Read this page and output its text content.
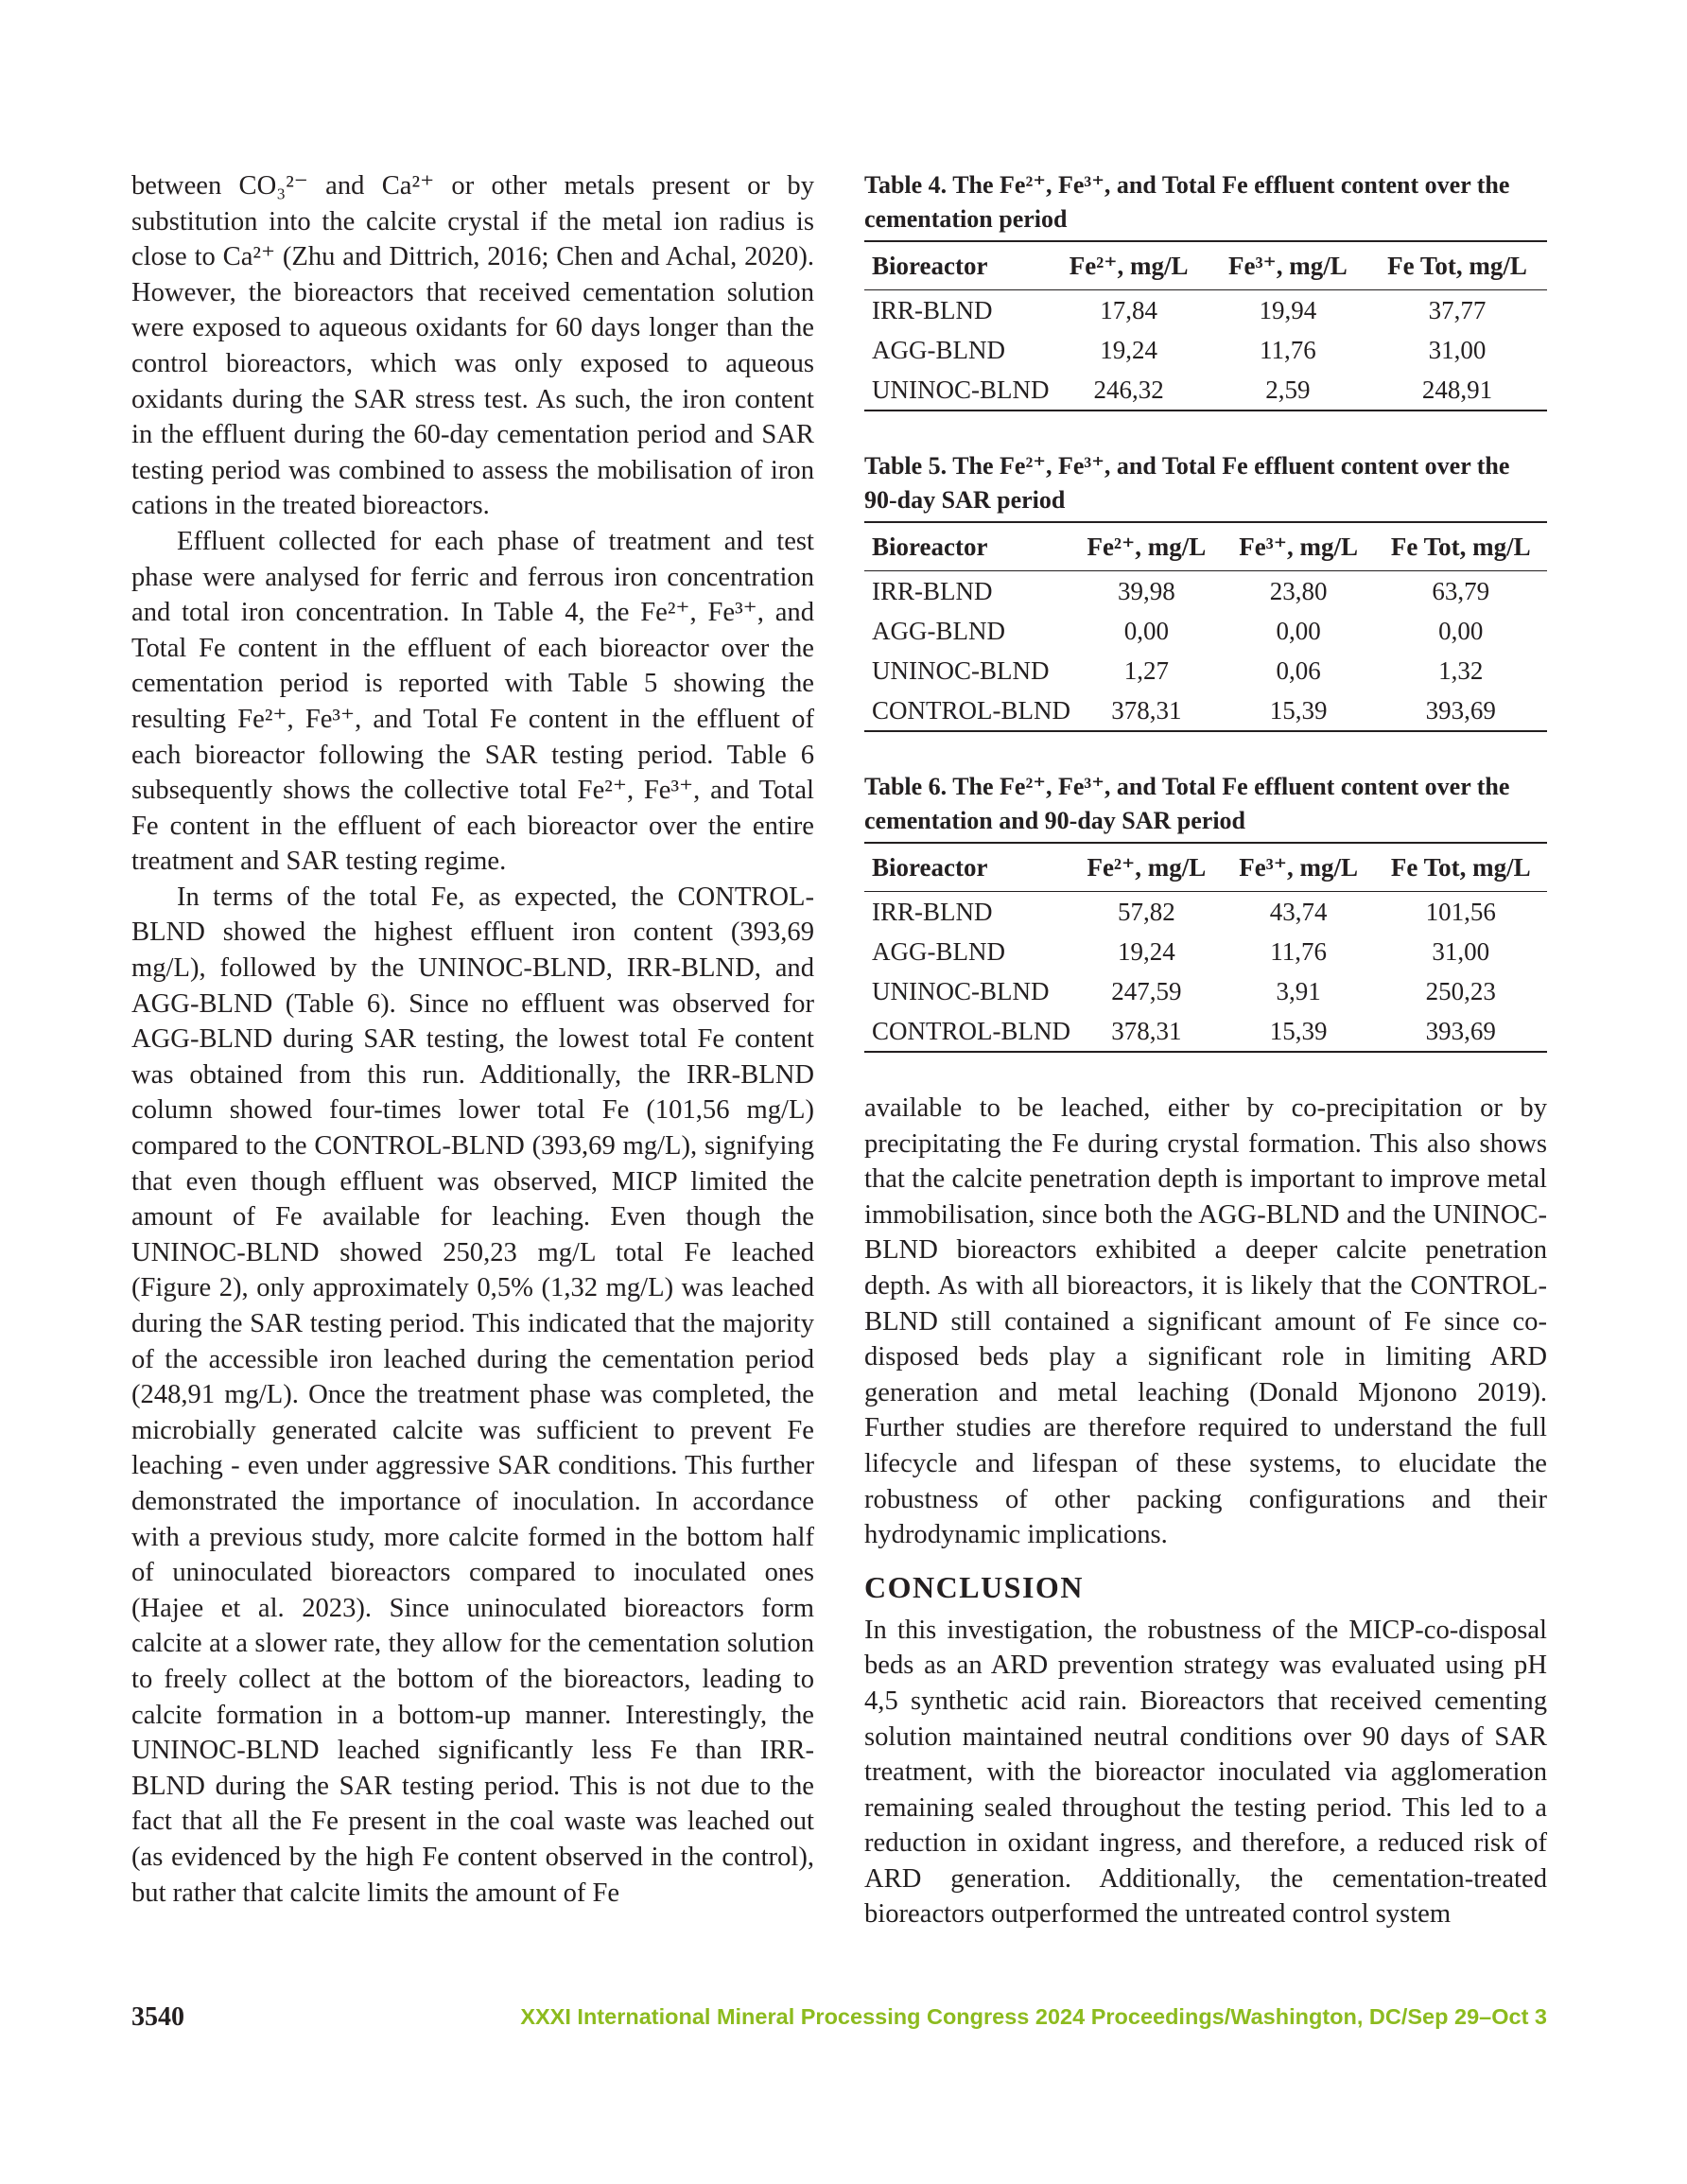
between CO₃²⁻ and Ca²⁺ or other metals present or by substitution into the calcite crystal if the metal ion radius is close to Ca²⁺ (Zhu and Dittrich, 2016; Chen and Achal, 2020). However, the bioreactors that received cementation solution were exposed to aqueous oxidants for 60 days longer than the control bioreactors, which was only exposed to aqueous oxidants during the SAR stress test. As such, the iron content in the effluent during the 60-day cementation period and SAR testing period was combined to assess the mobilisation of iron cations in the treated bioreactors.

Effluent collected for each phase of treatment and test phase were analysed for ferric and ferrous iron concentration and total iron concentration. In Table 4, the Fe²⁺, Fe³⁺, and Total Fe content in the effluent of each bioreactor over the cementation period is reported with Table 5 showing the resulting Fe²⁺, Fe³⁺, and Total Fe content in the effluent of each bioreactor following the SAR testing period. Table 6 subsequently shows the collective total Fe²⁺, Fe³⁺, and Total Fe content in the effluent of each bioreactor over the entire treatment and SAR testing regime.

In terms of the total Fe, as expected, the CONTROL-BLND showed the highest effluent iron content (393,69 mg/L), followed by the UNINOC-BLND, IRR-BLND, and AGG-BLND (Table 6). Since no effluent was observed for AGG-BLND during SAR testing, the lowest total Fe content was obtained from this run. Additionally, the IRR-BLND column showed four-times lower total Fe (101,56 mg/L) compared to the CONTROL-BLND (393,69 mg/L), signifying that even though effluent was observed, MICP limited the amount of Fe available for leaching. Even though the UNINOC-BLND showed 250,23 mg/L total Fe leached (Figure 2), only approximately 0,5% (1,32 mg/L) was leached during the SAR testing period. This indicated that the majority of the accessible iron leached during the cementation period (248,91 mg/L). Once the treatment phase was completed, the microbially generated calcite was sufficient to prevent Fe leaching - even under aggressive SAR conditions. This further demonstrated the importance of inoculation. In accordance with a previous study, more calcite formed in the bottom half of uninoculated bioreactors compared to inoculated ones (Hajee et al. 2023). Since uninoculated bioreactors form calcite at a slower rate, they allow for the cementation solution to freely collect at the bottom of the bioreactors, leading to calcite formation in a bottom-up manner. Interestingly, the UNINOC-BLND leached significantly less Fe than IRR-BLND during the SAR testing period. This is not due to the fact that all the Fe present in the coal waste was leached out (as evidenced by the high Fe content observed in the control), but rather that calcite limits the amount of Fe

Table 4. The Fe²⁺, Fe³⁺, and Total Fe effluent content over the cementation period

Bioreactor	Fe²⁺, mg/L	Fe³⁺, mg/L	Fe Tot, mg/L
IRR-BLND	17,84	19,94	37,77
AGG-BLND	19,24	11,76	31,00
UNINOC-BLND	246,32	2,59	248,91

Table 5. The Fe²⁺, Fe³⁺, and Total Fe effluent content over the 90-day SAR period

Bioreactor	Fe²⁺, mg/L	Fe³⁺, mg/L	Fe Tot, mg/L
IRR-BLND	39,98	23,80	63,79
AGG-BLND	0,00	0,00	0,00
UNINOC-BLND	1,27	0,06	1,32
CONTROL-BLND	378,31	15,39	393,69

Table 6. The Fe²⁺, Fe³⁺, and Total Fe effluent content over the cementation and 90-day SAR period

Bioreactor	Fe²⁺, mg/L	Fe³⁺, mg/L	Fe Tot, mg/L
IRR-BLND	57,82	43,74	101,56
AGG-BLND	19,24	11,76	31,00
UNINOC-BLND	247,59	3,91	250,23
CONTROL-BLND	378,31	15,39	393,69

available to be leached, either by co-precipitation or by precipitating the Fe during crystal formation. This also shows that the calcite penetration depth is important to improve metal immobilisation, since both the AGG-BLND and the UNINOC-BLND bioreactors exhibited a deeper calcite penetration depth. As with all bioreactors, it is likely that the CONTROL-BLND still contained a significant amount of Fe since co-disposed beds play a significant role in limiting ARD generation and metal leaching (Donald Mjonono 2019). Further studies are therefore required to understand the full lifecycle and lifespan of these systems, to elucidate the robustness of other packing configurations and their hydrodynamic implications.

CONCLUSION

In this investigation, the robustness of the MICP-co-disposal beds as an ARD prevention strategy was evaluated using pH 4,5 synthetic acid rain. Bioreactors that received cementing solution maintained neutral conditions over 90 days of SAR treatment, with the bioreactor inoculated via agglomeration remaining sealed throughout the testing period. This led to a reduction in oxidant ingress, and therefore, a reduced risk of ARD generation. Additionally, the cementation-treated bioreactors outperformed the untreated control system

3540	XXXI International Mineral Processing Congress 2024 Proceedings/Washington, DC/Sep 29–Oct 3
